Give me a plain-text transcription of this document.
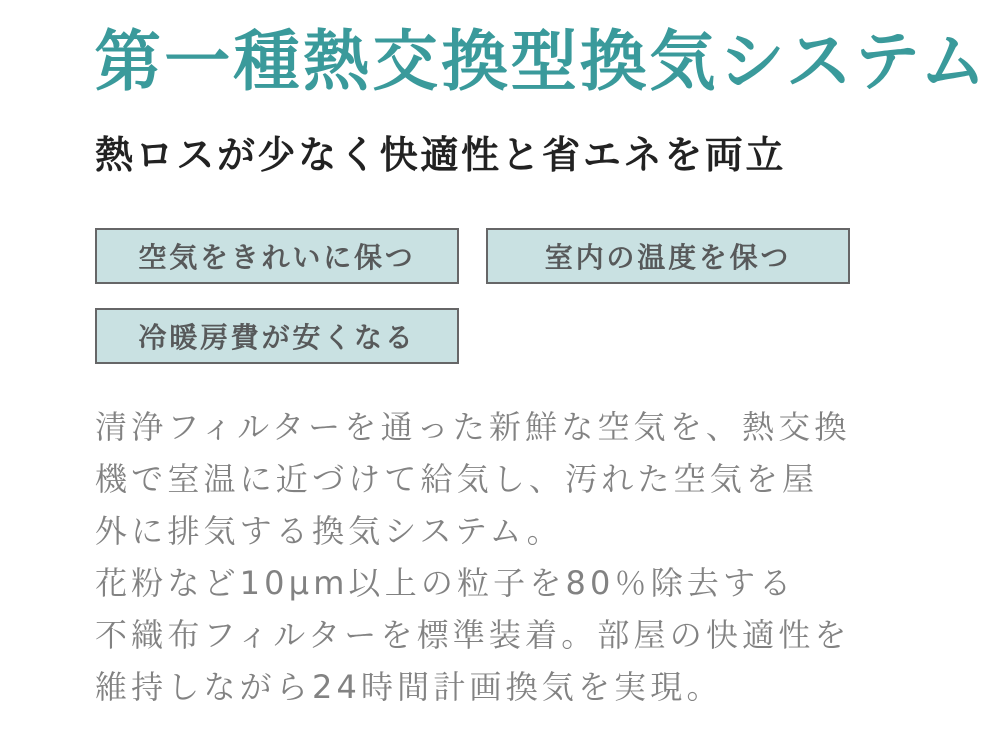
第一種熱交換型換気システム
熱ロスが少なく快適性と省エネを両立
空気をきれいに保つ	室内の温度を保つ
冷暖房費が安くなる
清浄フィルターを通った新鮮な空気を、熱交換
機で室温に近づけて給気し、汚れた空気を屋
外に排気する換気システム。
花粉など10μm以上の粒子を80％除去する
不織布フィルターを標準装着。部屋の快適性を
維持しながら24時間計画換気を実現。
